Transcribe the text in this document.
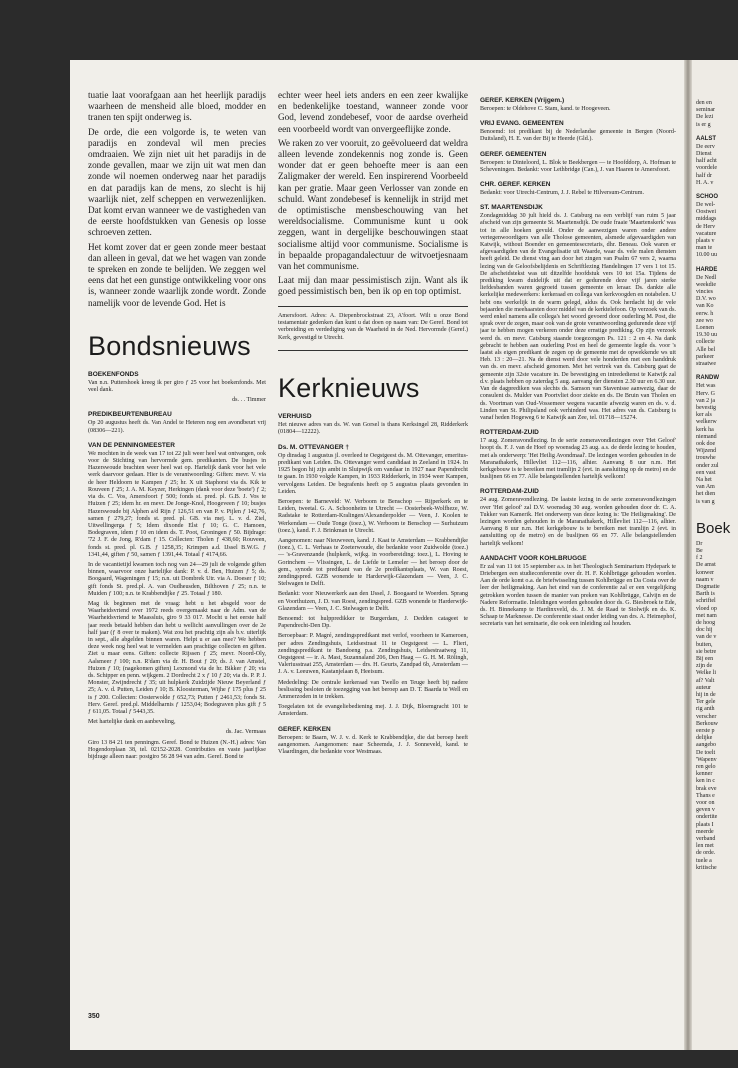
tuatie laat voorafgaan aan het heerlijk paradijs waarheen de mensheid alle bloed, modder en tranen ten spijt onderweg is.

De orde, die een volgorde is, te weten van paradijs en zondeval wil men precies omdraaien. We zijn niet uit het paradijs in de zonde gevallen, maar we zijn uit wat men dan zonde wil noemen onderweg naar het paradijs en dat paradijs kan de mens, zo slecht is hij waarlijk niet, zelf scheppen en verwezenlijken. Dat komt ervan wanneer we de vastigheden van de eerste hoofdstukken van Genesis op losse schroeven zetten.

Het komt zover dat er geen zonde meer bestaat dan alleen in geval, dat we het wagen van zonde te spreken en zonde te belijden. We zeggen wel eens dat het een gunstige ontwikkeling voor ons is, wanneer zonde waarlijk zonde wordt. Zonde namelijk voor de levende God. Het is

Bondsnieuws
BOEKENFONDS

Van n.n. Puttershoek kreeg ik per giro ƒ 25 voor het boekenfonds. Met veel dank.

ds. . . Timmer

PREDIKBEURTENBUREAU

Op 20 augustus heeft ds. Van Andel te Heteren nog een avondbeurt vrij (08306—221).

VAN DE PENNINGMEESTER

We mochten in de week van 17 tot 22 juli weer heel wat ontvangen, ook voor de Stichting van hervormde gem. predikanten. De busjes in Hazerswoude brachten weer heel wat op. Hartelijk dank voor het vele werk daarvoor gedaan. Hier is de verantwoording: Giften: mevr. V. via de heer Heldoorn te Kampen ƒ 25; hr. X uit Staphorst via ds. Kik te Rouveen ƒ 25; J. A. M. Keyzer, Herkingen (dank voor deze 'boete') ƒ 2; via ds. C. Vos, Amersfoort ƒ 500; fonds st. pred. pl. G.B. J. Vos te Huizen ƒ 25; idem hr. en mevr. De Jonge-Knol, Hoogeveen ƒ 10; busjes Hazerswoude bij Alphen a/d Rijn ƒ 126,51 en van P. v. Pijlen ƒ 142,76, samen ƒ 279,27; fonds st. pred. pl. GB. via mej. L. v. d. Ziel, Uitwellingerga ƒ 5; Idem dixonde Elst ƒ 10; G. C. Hamoen, Bodegraven, idem ƒ 10 en idem ds. T. Poot, Groningen ƒ 50. Bijdrage: '72 J. F. de Jong, R'dam ƒ 15. Collecten: Tholen ƒ 438,60; Rouveen, fonds st. pred. pl. G.B. ƒ 1258,35; Krimpen a.d. IJssel B.W.G. ƒ 1341,44, giften ƒ 50, samen ƒ 1391,44. Totaal ƒ 4174,66.

In de vacantietijd kwamen toch nog van 24—29 juli de volgende giften binnen, waarvoor onze hartelijke dank: P. v. d. Ben, Huizen ƒ 5; ds. Boogaard, Wageningen ƒ 15; n.n. uit Dombrek Utr. via A. Doeser ƒ 10; gift fonds St. pred.pl. A. van Oudheusden, Bilthoven ƒ 25; n.n. te Muiden ƒ 100; n.n. te Krabbendijke ƒ 25. Totaal ƒ 180.

Mag ik beginnen met de vraag: hebt u het absgeld voor de Waarheidsvriend over 1972 reeds overgemaakt naar de Adm. van de Waarheidsvriend te Maassluis, giro 9 33 017. Mocht u het eerste half jaar reeds betaald hebben dan hebt u wellicht aanvullingen over de 2e half jaar (ƒ 8 over te maken). Wat zou het prachtig zijn als b.v. uiterlijk in sept., alle abgelden binnen waren. Helpt u er aan mee? We hebben deze week nog heel wat te vermelden aan prachtige collecten en giften. Ziet u maar eens. Giften: collecte Rijssen ƒ 25; mevr. Noord-Oly, Aalsmeer ƒ 100; n.n. R'dam via dr. H. Bout ƒ 20; ds. J. van Amstel, Huizen ƒ 10; (nagekomen giften) Lexmond via de hr. Bikker ƒ 20; via ds. Schipper en penn. wijkgem. 2 Dordrecht 2 x ƒ 10 ƒ 20; via ds. P. P. J. Monster, Zwijndrecht ƒ 35; uit hulpkerk Zuidzijde Nieuw Beyerland ƒ 25; A. v. d. Putten, Leiden ƒ 10; B. Kloosterman, Wijhe ƒ 175 plus ƒ 25 is ƒ 200. Collecten: Oosterwolde ƒ 652,73; Putten ƒ 2461,53; fonds St. Herv. Geref. pred.pl. Middelharnis ƒ 1253,04; Bodegraven plus gift ƒ 5 ƒ 611,05. Totaal ƒ 5443,35.

Met hartelijke dank en aanbeveling,

ds. Jac. Vermaas

Giro 13 84 21 ten penningm. Geref. Bond te Huizen (N.-H.) adres: Van Hogendorplaan 38, tel. 02152-2028. Contributies en vaste jaarlijkse bijdrage alleen naar: postgiro 56 28 94 van adm. Geref. Bond te

echter weer heel iets anders en een zeer kwalijke en bedenkelijke toestand, wanneer zonde voor God, levend zondebesef, voor de aardse overheid een voorbeeld wordt van onvergeeflijke zonde.

We raken zo ver vooruit, zo geëvolueerd dat weldra alleen levende zondekennis nog zonde is. Geen wonder dat er geen behoefte meer is aan een Zaligmaker der wereld. Een inspirerend Voorbeeld kan per gratie. Maar geen Verlosser van zonde en schuld. Want zondebesef is kennelijk in strijd met de optimistische mensbeschouwing van het wereldsocialisme. Communisme kunt u ook zeggen, want in dergelijke beschouwingen staat socialisme altijd voor communisme. Socialisme is in bepaalde propagandalectuur de witvoetjesnaam van het communisme.

Laat mij dan maar pessimistisch zijn. Want als ik goed pessimistisch ben, ben ik op en top optimist.

Amersfoort. Adres: A. Diepenbrockstraat 23, A'foort. Wilt u onze Bond testamentair gedenken dan kunt u dat doen op naam van: De Geref. Bond tot verbreiding en verdediging van de Waarheid in de Ned. Hervormde (Geref.) Kerk, gevestigd te Utrecht.

Kerknieuws
VERHUISD

Het nieuwe adres van ds. W. van Gorsel is thans Kerksingel 28, Ridderkerk (01804—12222).

Ds. M. OTTEVANGER †

Op dinsdag 1 augustus jl. overleed te Oegstgeest ds. M. Ottevanger, emeritus-predikant van Leiden. Ds. Ottevanger werd candidaat in Zeeland in 1924. In 1925 begon hij zijn ambt in Sluipwijk om vandaar in 1927 naar Papendrecht te gaan. In 1930 volgde Kampen, in 1933 Ridderkerk, in 1934 weer Kampen, vervolgens Leiden. De begrafenis heeft op 5 augustus plaats gevonden in Leiden.

Beroepen: te Barneveld: W. Verboom te Benschop — Rijperkerk en te Leiden, tweetal. G. A. Schoonheim te Utrecht — Oosterbeek-Wolfheze, W. Radstake te Rotterdam-Kralingen/Alexanderpolder — Veen, J. Koolen te Werkendam — Oude Tonge (toez.), W. Verboom te Benschop — Surhuizum (toez.), kand. F. J. Brinkman te Utrecht.

Aangenomen: naar Nieuwveen, kand. J. Kaat te Amsterdam — Krabbendijke (toez.), C. L. Verhaas te Zoeterwoude, die bedankte voor Zuidwolde (toez.) — 's-Gravenzande (hulpkerk, wijkg. in voorbereiding: toez.), L. Hoving te Gorinchem — Vlissingen, L. de Liefde te Lemeler — het beroep door de gem., synode tot predikant van de 2e predikantsplaats, W. van Roest, zendingspred. GZB wonende te Harderwijk-Glazendam — Veen, J. C. Stelwagen te Delft.

Bedankt: voor Nieuwerkerk aan den IJssel, J. Boogaard te Woerden. Sprang en Voorthuizen, J. D. van Roest, zendingspred. GZB wonende te Harderwijk-Glazendam — Veen, J. C. Stelwagen te Delft.

Benoemd: tot hulppredikker te Burgerdam, J. Dedden catageet te Papendrecht-Den Dp.

Beroepbaar: P. Magré, zendingspredikant met verlof, voorheen te Kameroen, per adres Zendingshuis, Leidsestraat 11 te Oegstgeest — L. Flieri, zendingspredikant te Bandoeng p.a. Zendingshuis, Leidsestraatweg 11, Oegstgeest — ir. A. Mast, Suzannaland 206, Den Haag — G. H. M. Rölingh, Valeriusstraat 255, Amsterdam — drs. H. Geurts, Zandpad 6b, Amsterdam — J. A. v. Leeuwen, Kastanjelaan 8, Heeisum.

Mededeling: De centrale kerkeraad van Twello en Teuge heeft bij nadere beslissing besloten de toezegging van het beroep aan D. T. Baarda te Well en Ammerzoden in te trekken.

Toegelaten tot de evangeliebediening mej. J. J. Dijk, Bloemgracht 101 te Amsterdam.

GEREF. KERKEN

Beroepen: te Baarn, W. J. v. d. Kerk te Krabbendijke, die dat beroep heeft aangenomen. Aangenomen: naar Scheemda, J. J. Sonneveld, kand. te Vlaardingen, die bedankte voor Westmaas.

GEREF. KERKEN (Vrijgem.)

Beroepen: te Oldehove C. Stam, kand. te Hoogeveen.

VRIJ EVANG. GEMEENTEN

Benoemd: tot predikant bij de Nederlandse gemeente in Bergen (Noord-Duitsland), H. E. van der Bij te Heerde (Gld.).

GEREF. GEMEENTEN

Beroepen: te Dinteloord, L. Blok te Beekbergen — te Hoofddorp, A. Hofman te Scheveningen. Bedankt: voor Lethbridge (Can.), J. van Haaren te Amersfoort.

CHR. GEREF. KERKEN

Bedankt: voor Utrecht-Centrum, J. J. Rebel te Hilversum-Centrum.

ST. MAARTENSDIJK

Zondagmiddag 30 juli hield ds. J. Catsburg na een verblijf van ruim 5 jaar afscheid van zijn gemeente St. Maartensdijk. De oude fraaie 'Maartenskerk' was tot in alle hoeken gevuld. Onder de aanwezigen waren onder andere vertegenwoordigers van alle Tholose gemeenten, alsmede afgevaardigden van Katwijk, without Boender en gemeentesecretaris, dhr. Beneau. Ook waren er afgevaardigden van de Evangelisatie uit Waarde, waar ds. vele malen diensten heeft geleid. De dienst ving aan door het zingen van Psalm 67 vers 2, waarna lezing van de Geloofsbelijdenis en Schriftlezing Handelingen 17 vers 1 tot 15. De afscheidstekst was uit ditzelfde hoofdstuk vers 10 tot 15a. Tijdens de prediking kwam duidelijk uit dat er gedurende deze vijf jaren sterke liefdesbanden waren gegroeid tussen gemeente en leraar. Ds. dankte alle kerkelijke medewerkers: kerkeraad en collega van kerkvoogden en notabelen. U hebt ons werkelijk in de warm gelegd, aldus ds. Ook herdacht hij de vele bejaarden die meehaarsten door middel van de kerktelefoon. Op verzoek van ds. werd enkel namens alle collega's het woord gevoerd door ouderling M. Post, die sprak over de zegen, maar ook van de grote verantwoording gedurende deze vijf jaar te hebben mogen verkeren onder deze ernstige prediking. Op zijn verzoek werd ds. en mevr. Catsburg staande toegezongen Ps. 121 : 2 en 4. Na dank gebracht te hebben aan ouderling Post en heel de gemeente legde ds. voor 's laatst als eigen predikant de zegen op de gemeente met de opwekkende ws uit Heb. 13 : 20—21. Na de dienst werd door vele honderden met een handdruk van ds. en mevr. afscheid genomen. Met het vertrek van ds. Catsburg gaat de gemeente zijn 32ste vacature in. De bevestiging en intrededienst te Katwijk zal d.v. plaats hebben op zaterdag 5 aug. aanvang der diensten 2.30 uur en 6.30 uur. Van de dagprediken was slechts ds. Samson van Stavenisse aanwezig, daar de consulent ds. Mulder van Poortvliet door ziekte en ds. De Bruin van Tholen en ds. Voortman van Oud-Vossemeer wegens vacantie afwezig waren en ds. v. d. Linden van St. Philipsland ook verhinderd was. Het adres van ds. Catsburg is vanaf heden Hogeweg 6 te Katwijk aan Zee, tel. 01718—15274.

ROTTERDAM-ZUID

17 aug. Zomeravondlezing. In de serie zomeravondlezingen over 'Het Geloof' hoopt ds. F. J. van de Hoef op woensdag 23 aug. a.s. de derde lezing te houden, met als onderwerp: 'Het Heilig Avondmaal'. De lezingen worden gehouden in de Maranathakerk, Hillevliet 112—116, alhier. Aanvang 8 uur n.m. Het kerkgebouw is te bereiken met tramlijn 2 (evt. in aansluiting op de metro) en de buslijnen 66 en 77. Alle belangstellenden hartelijk welkom!

ROTTERDAM-ZUID

24 aug. Zomeravondlezing. De laatste lezing in de serie zomeravondlezingen over 'Het geloof' zal D.V. woensdag 30 aug. worden gehouden door dr. C. A. Tukker van Kamerik. Het onderwerp van deze lezing is: 'De Heiligmaking'. De lezingen worden gehouden in de Maranathakerk, Hillevliet 112—116, alhier. Aanvang 8 uur n.m. Het kerkgebouw is te bereiken met tramlijn 2 (evt. in aansluiting op de metro) en de buslijnen 66 en 77. Alle belangstellenden hartelijk welkom!

AANDACHT VOOR KOHLBRUGGE

Er zal van 11 tot 15 september a.s. in het Theologisch Seminarium Hydepark te Driebergen een studieconferentie over dr. H. F. Kohlbrügge gehouden worden. Aan de orde komt o.a. de briefwisseling tussen Kohlbrügge en Da Costa over de leer der heiligmaking. Aan het eind van de conferentie zal er een vergelijking getrokken worden tussen de manier van preken van Kohlbrügge, Calvijn en de Nadere Reformatie. Inleidingen worden gehouden door ds. G. Biesbroek te Ede, ds. H. Binnekamp te Hardinxveld, ds. J. M. de Raad te Stolwijk en ds. K. Schaap te Marknesse. De conferentie staat onder leiding van drs. A. Heimephof, secretaris van het seminarie, die ook een inleiding zal houden.

350
den en
seminar
De lezi
is er g
AALST
De eerv
Dienst
half acht
voordele
half dr
H. A. v
SCHOO
De wel-
Oostwei
middags
de Herv
vacature
plaats v
man te
10.00 uu
HARDE
De Nedl
weekdie
vincies
D.V. wo
van Ko
eerw. h
zee wo
Loenen
19.30 uu
collecte
Alle bel
parkeer
straatwe
RANDW
Het was
Herv. G
van 2 ja
bevestig
ker als
welkerw
kerk ha
niemand
ook doe
Wijzend
trouwhe
onder zul
een vast
Na het
van Am
het dien
is van g
Boek
Dr
Be
f 2
De amst
konwer
naam v
Dogmatie
Barth is
schriftel
vloed op
met nam
de hoog
doc hij
van de v
buiten,
sie betre
Bij een
zijn de
Welke li
af? Valt
auteur
hij in de
Ter gele
rig anth
verscher
Berkouw
eerste p
delijke
aangebo
De toelt
'Wapenv
ren gelo
kenner
ken in c
brak eve
Thans e
voor on
geven v
ondertite
plaats I
meerde
verband
len met
de orde.
tuele a
kritische
